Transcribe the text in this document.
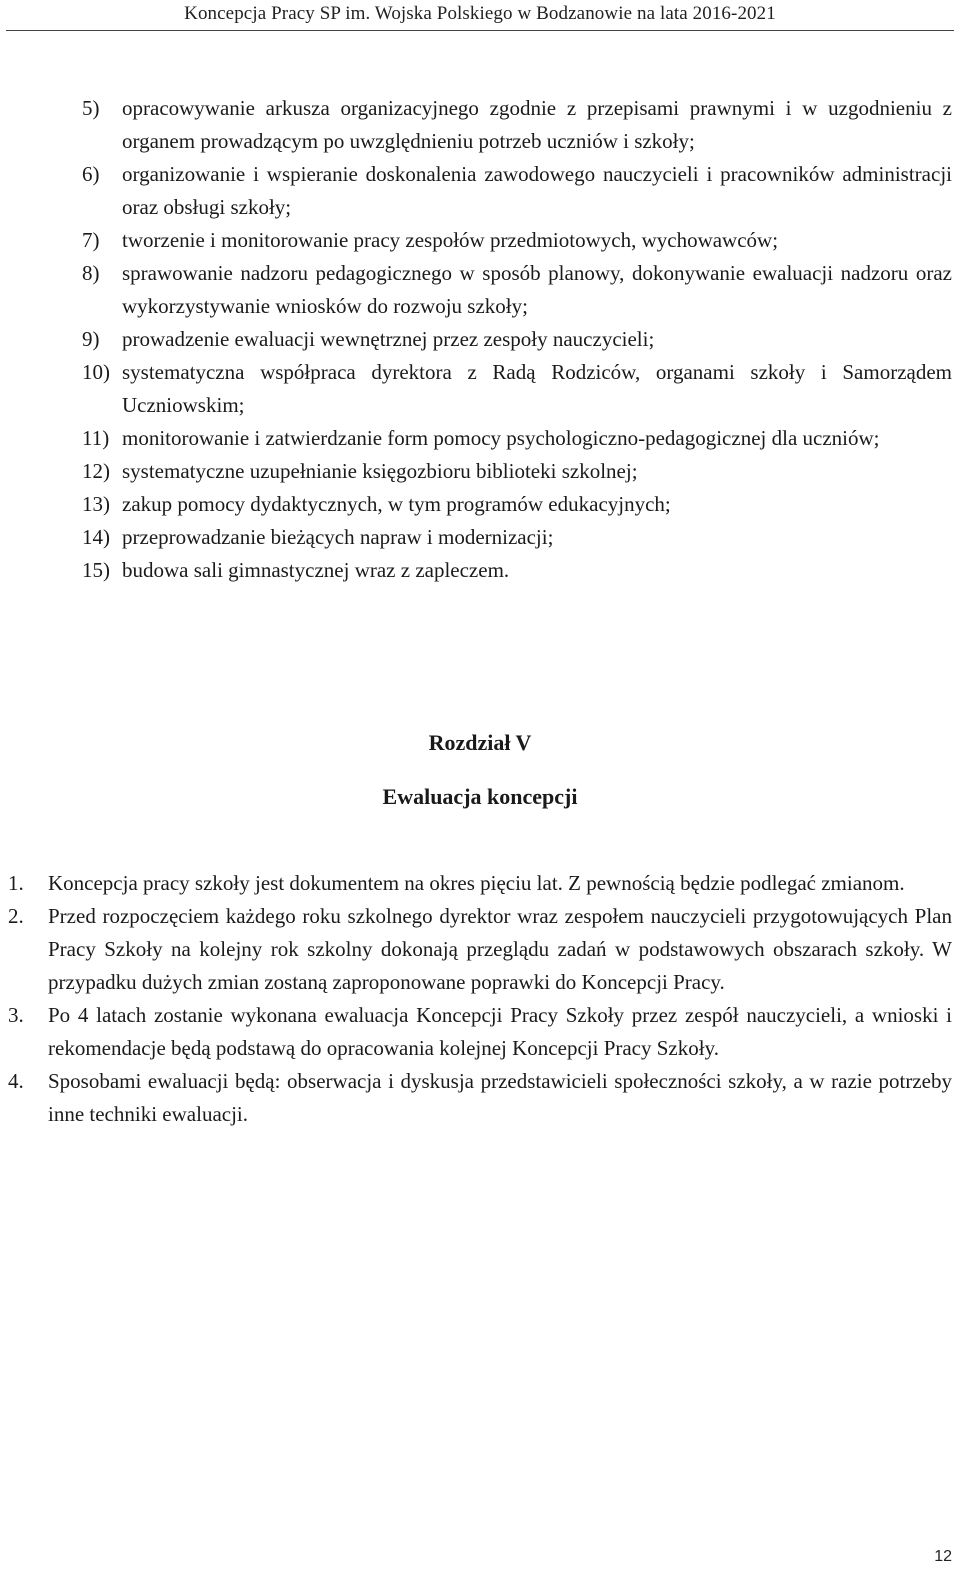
Koncepcja Pracy SP im. Wojska Polskiego w Bodzanowie na lata 2016-2021
5) opracowywanie arkusza organizacyjnego zgodnie z przepisami prawnymi i w uzgodnieniu z organem prowadzącym po uwzględnieniu potrzeb uczniów i szkoły;
6) organizowanie i wspieranie doskonalenia zawodowego nauczycieli i pracowników administracji oraz obsługi szkoły;
7) tworzenie i monitorowanie pracy zespołów przedmiotowych, wychowawców;
8) sprawowanie nadzoru pedagogicznego w sposób planowy, dokonywanie ewaluacji nadzoru oraz wykorzystywanie wniosków do rozwoju szkoły;
9) prowadzenie ewaluacji wewnętrznej przez zespoły nauczycieli;
10) systematyczna współpraca dyrektora z Radą Rodziców, organami szkoły i Samorządem Uczniowskim;
11) monitorowanie i zatwierdzanie form pomocy psychologiczno-pedagogicznej dla uczniów;
12) systematyczne uzupełnianie księgozbioru biblioteki szkolnej;
13) zakup pomocy dydaktycznych, w tym programów edukacyjnych;
14) przeprowadzanie bieżących napraw i modernizacji;
15) budowa sali gimnastycznej wraz z zapleczem.
Rozdział V
Ewaluacja koncepcji
1. Koncepcja pracy szkoły jest dokumentem na okres pięciu lat. Z pewnością będzie podlegać zmianom.
2. Przed rozpoczęciem każdego roku szkolnego dyrektor wraz zespołem nauczycieli przygotowujących Plan Pracy Szkoły na kolejny rok szkolny dokonają przeglądu zadań w podstawowych obszarach szkoły. W przypadku dużych zmian zostaną zaproponowane poprawki do Koncepcji Pracy.
3. Po 4 latach zostanie wykonana ewaluacja Koncepcji Pracy Szkoły przez zespół nauczycieli, a wnioski i rekomendacje będą podstawą do opracowania kolejnej Koncepcji Pracy Szkoły.
4. Sposobami ewaluacji będą: obserwacja i dyskusja przedstawicieli społeczności szkoły, a w razie potrzeby inne techniki ewaluacji.
12
